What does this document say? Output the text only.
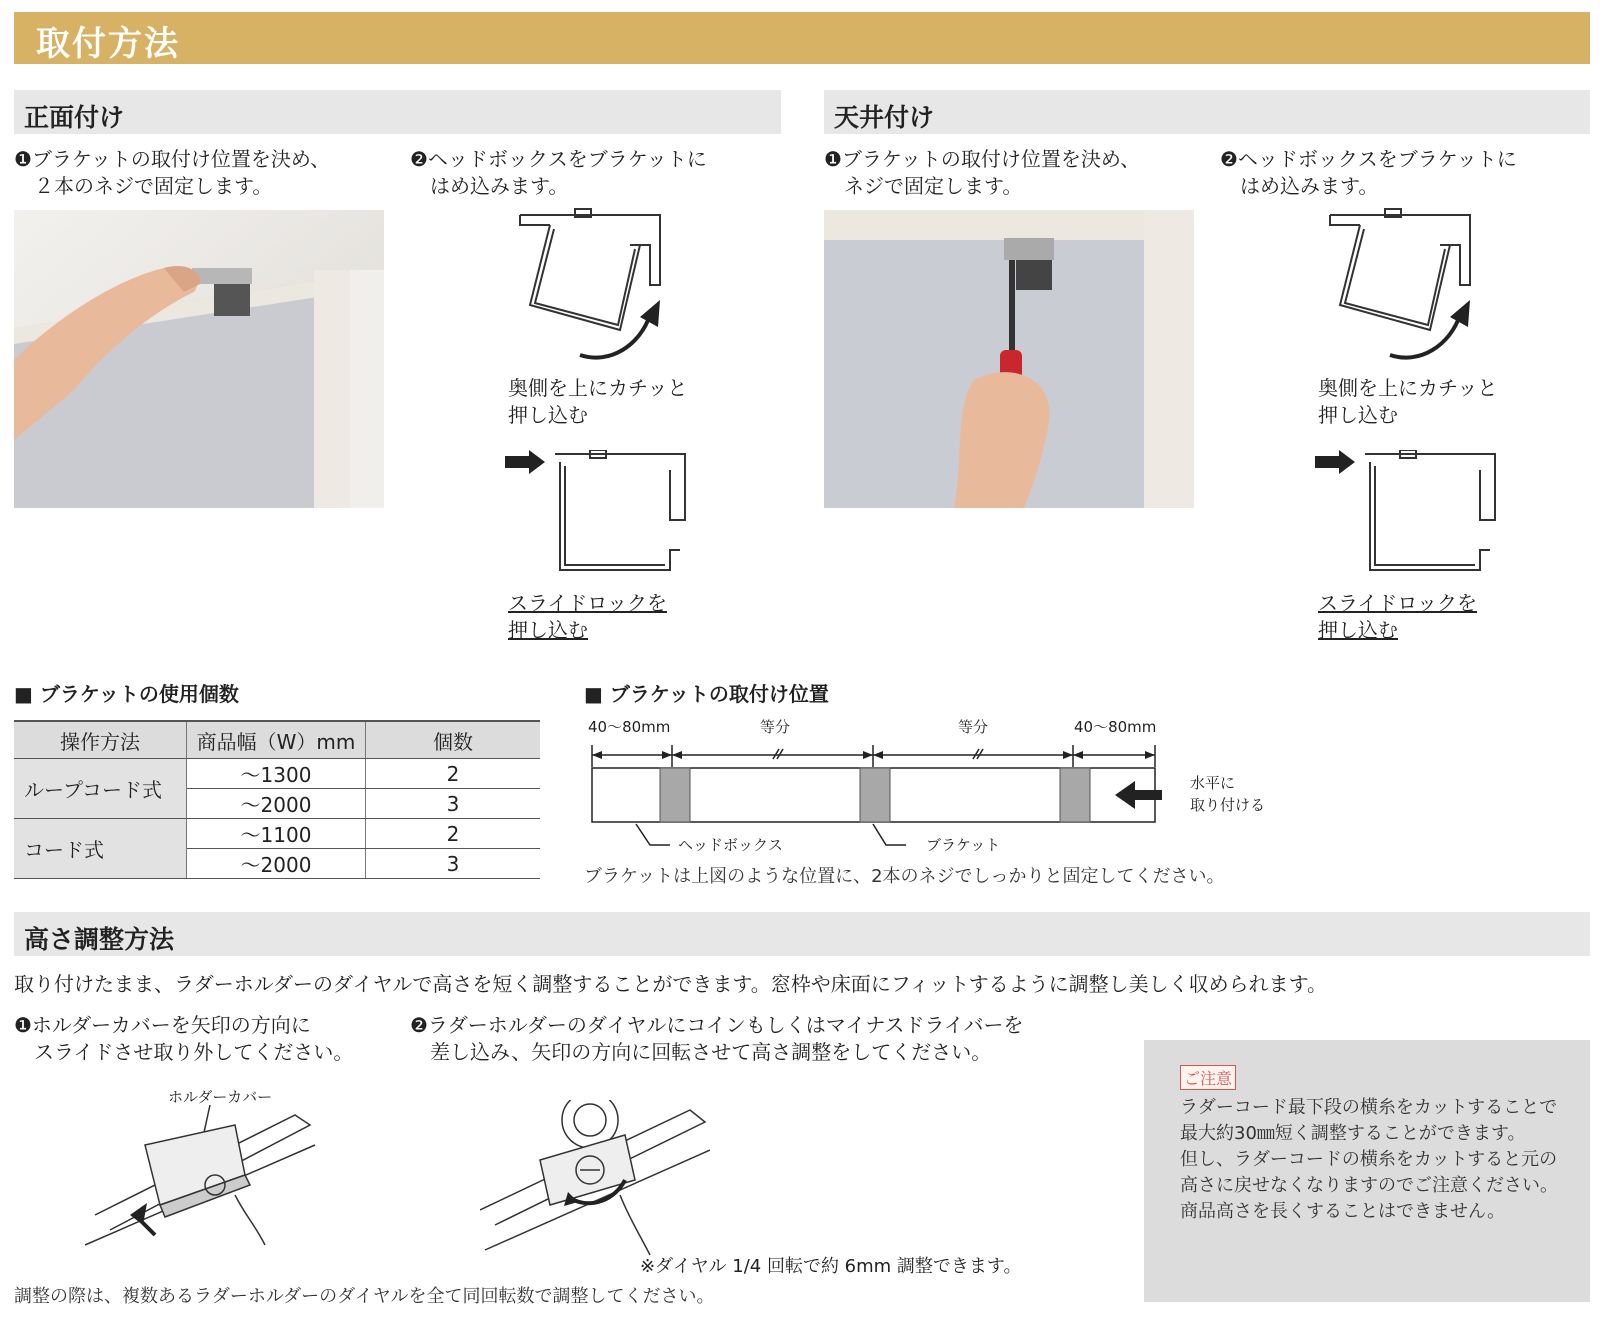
取付方法
正面付け
❶ブラケットの取付け位置を決め、
　２本のネジで固定します。
❷ヘッドボックスをブラケットに
　はめ込みます。
奥側を上にカチッと
押し込む
スライドロックを
押し込む
天井付け
❶ブラケットの取付け位置を決め、
　ネジで固定します。
❷ヘッドボックスをブラケットに
　はめ込みます。
奥側を上にカチッと
押し込む
スライドロックを
押し込む
■ ブラケットの使用個数
操作方法	商品幅（W）mm	個数
ループコード式	～1300	2
	～2000	3
コード式	～1100	2
	～2000	3
■ ブラケットの取付け位置
40～80mm	等分	等分	40～80mm
ヘッドボックス	ブラケット
水平に
取り付ける
ブラケットは上図のような位置に、2本のネジでしっかりと固定してください。
高さ調整方法
取り付けたまま、ラダーホルダーのダイヤルで高さを短く調整することができます。窓枠や床面にフィットするように調整し美しく収められます。
❶ホルダーカバーを矢印の方向に
　スライドさせ取り外してください。
❷ラダーホルダーのダイヤルにコインもしくはマイナスドライバーを
　差し込み、矢印の方向に回転させて高さ調整をしてください。
ホルダーカバー
※ダイヤル 1/4 回転で約 6mm 調整できます。
調整の際は、複数あるラダーホルダーのダイヤルを全て同回転数で調整してください。
ご注意
ラダーコード最下段の横糸をカットすることで最大約30㎜短く調整することができます。
但し、ラダーコードの横糸をカットすると元の高さに戻せなくなりますのでご注意ください。
商品高さを長くすることはできません。
